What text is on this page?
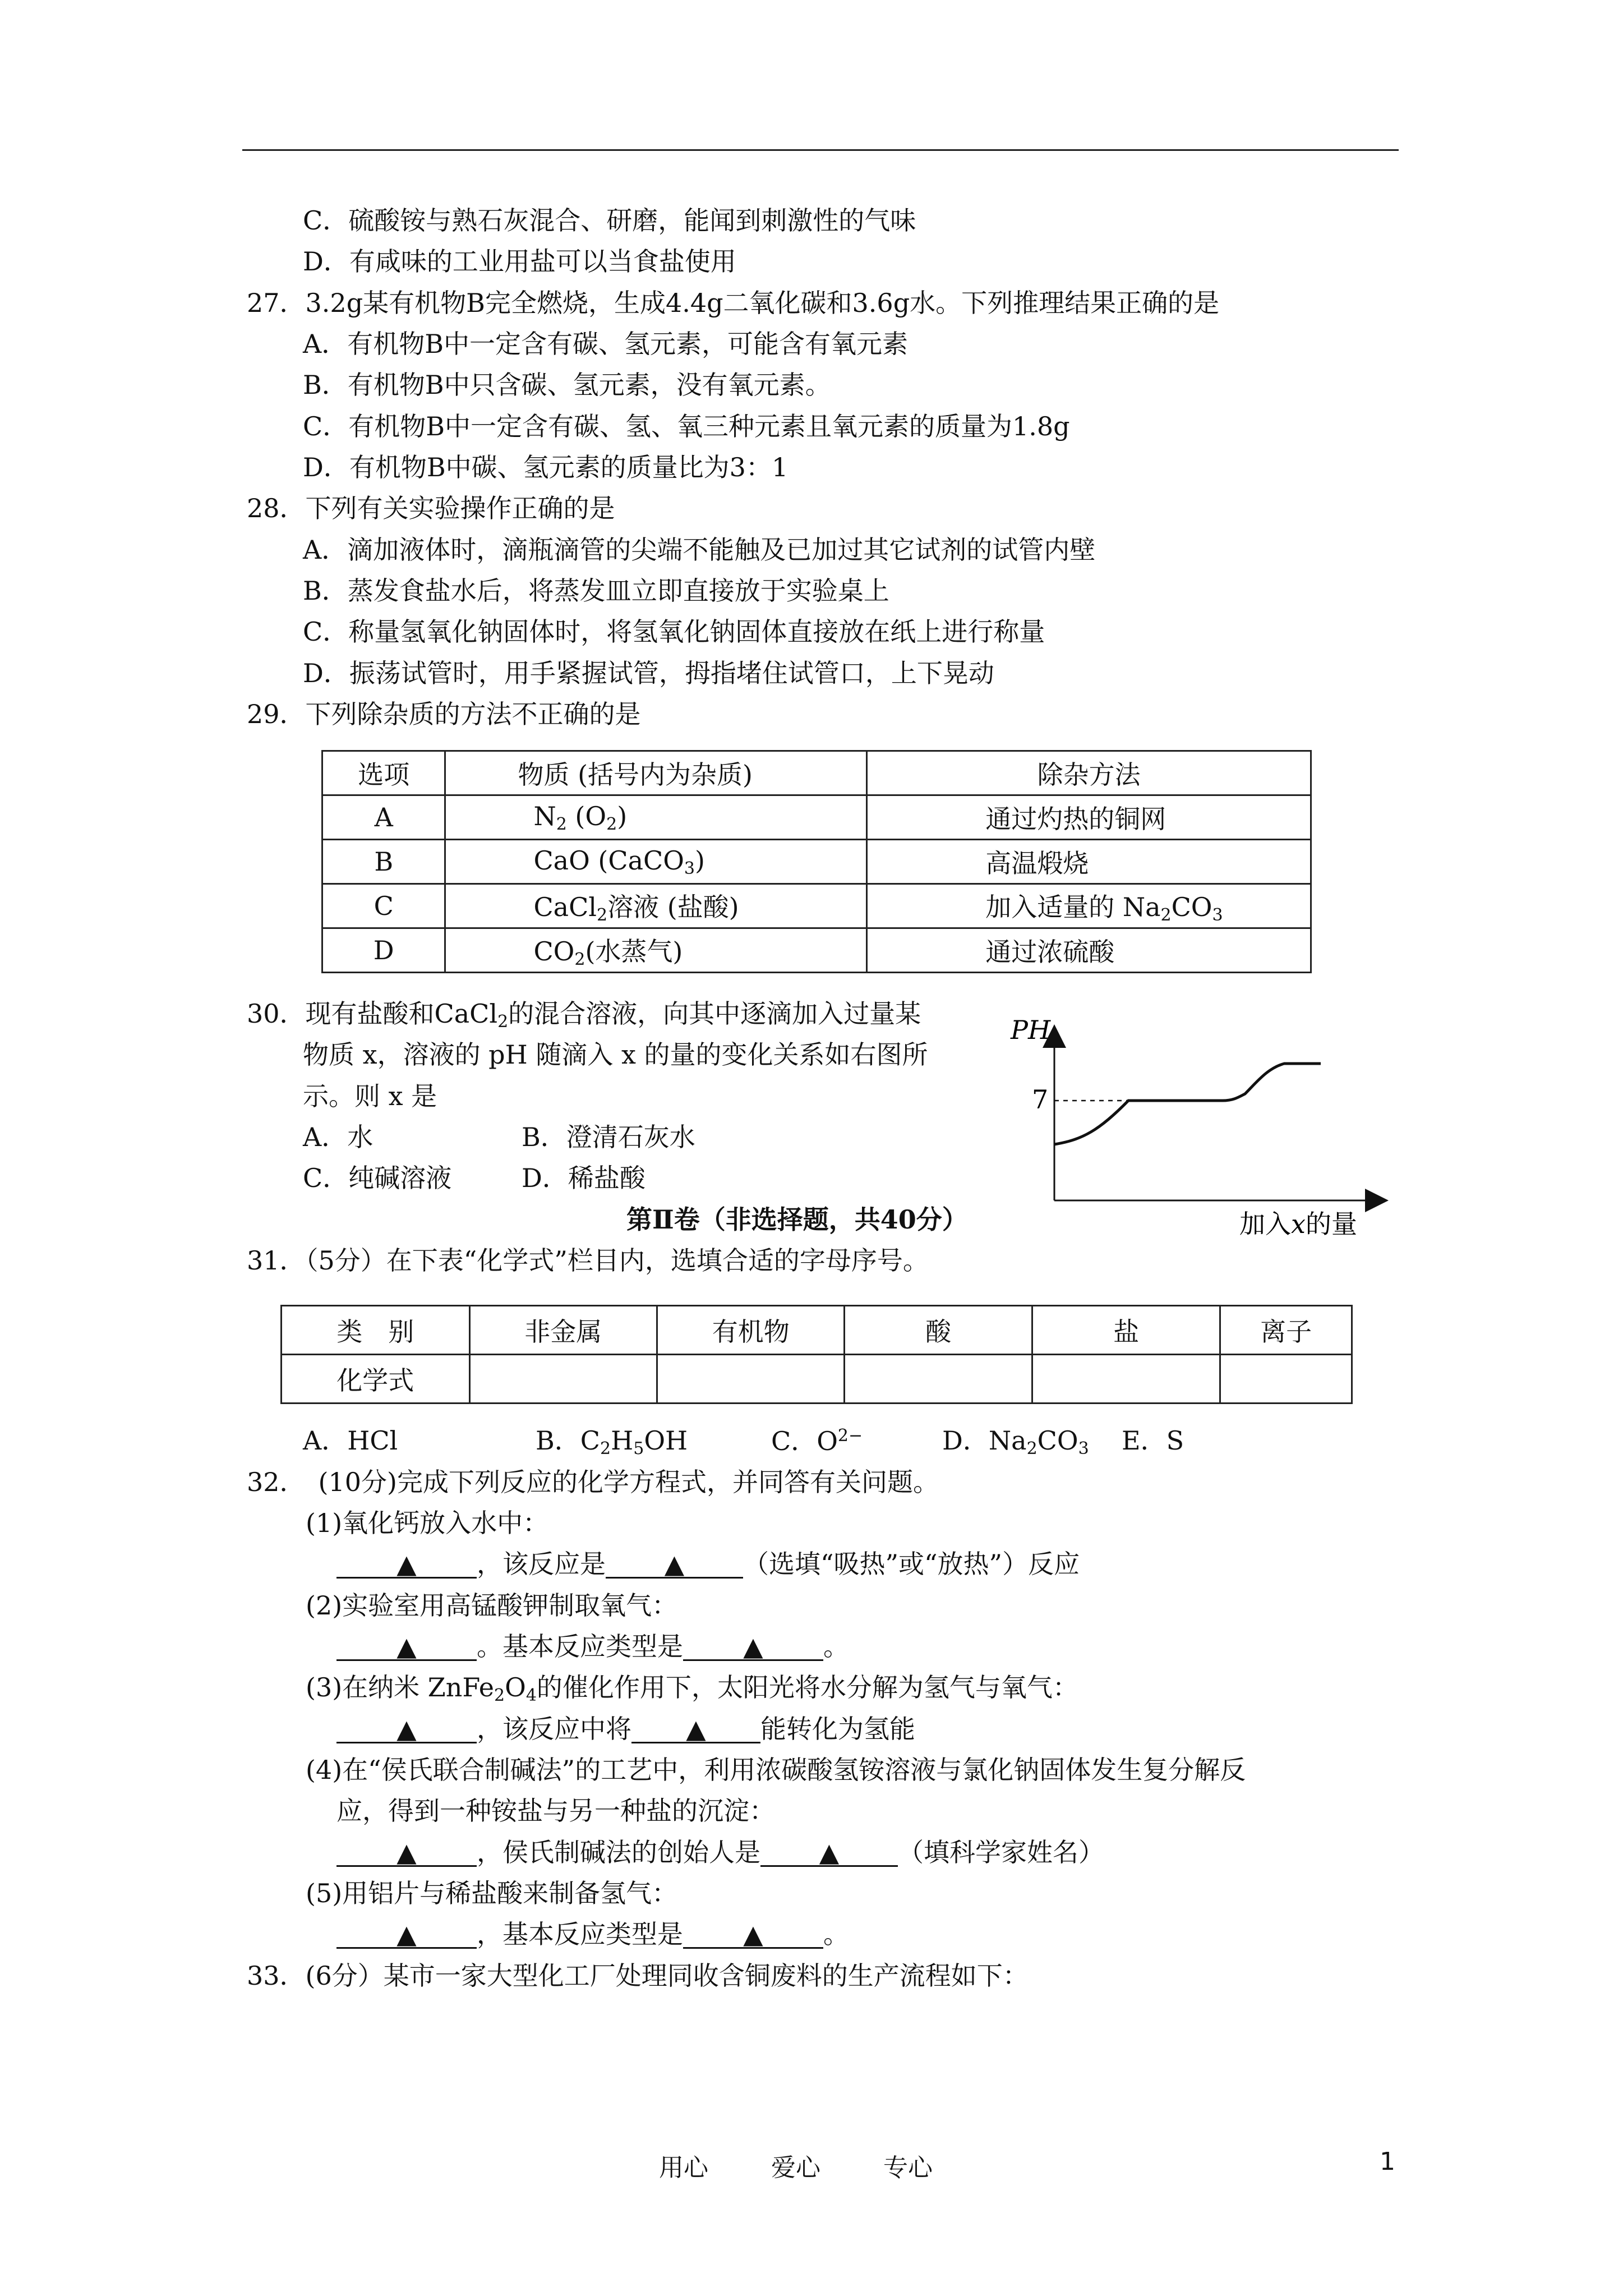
C．硫酸铵与熟石灰混合、研磨，能闻到刺激性的气味
D．有咸味的工业用盐可以当食盐使用
27．3.2g某有机物B完全燃烧，生成4.4g二氧化碳和3.6g水。下列推理结果正确的是
A．有机物B中一定含有碳、氢元素，可能含有氧元素
B．有机物B中只含碳、氢元素，没有氧元素。
C．有机物B中一定含有碳、氢、氧三种元素且氧元素的质量为1.8g
D．有机物B中碳、氢元素的质量比为3：1
28．下列有关实验操作正确的是
A．滴加液体时，滴瓶滴管的尖端不能触及已加过其它试剂的试管内壁
B．蒸发食盐水后，将蒸发皿立即直接放于实验桌上
C．称量氢氧化钠固体时，将氢氧化钠固体直接放在纸上进行称量
D．振荡试管时，用手紧握试管，拇指堵住试管口，上下晃动
29．下列除杂质的方法不正确的是
选项	物质 (括号内为杂质)	除杂方法
A	$N_2$ $(O_2)$	通过灼热的铜网
B	CaO (CaCO$_3$)	高温煅烧
C	CaCl$_2$溶液 (盐酸)	加入适量的 $Na_2CO_3$
D	$CO_2$(水蒸气)	通过浓硫酸
30．现有盐酸和CaCl$_2$的混合溶液，向其中逐滴加入过量某
物质 x，溶液的 pH 随滴入 x 的量的变化关系如右图所
示。则 x 是
A．水	B．澄清石灰水
C．纯碱溶液	D．稀盐酸
PH
7
加入x的量
第Ⅱ卷（非选择题，共40分）
31．（5分）在下表“化学式”栏目内，选填合适的字母序号。
类　别	非金属	有机物	酸	盐	离子
化学式					
A．HCl	B．$C_2H_5OH$	C．$O^{2-}$	D．$Na_2CO_3$ E．S
32．　(10分)完成下列反应的化学方程式，并同答有关问题。
(1)氧化钙放入水中：
▲ ，该反应是 ▲ （选填“吸热”或“放热”）反应
(2)实验室用高锰酸钾制取氧气：
▲ 。基本反应类型是 ▲ 。
(3)在纳米 $ZnFe_2O_4$的催化作用下，太阳光将水分解为氢气与氧气：
▲ ，该反应中将 ▲ 能转化为氢能
(4)在“侯氏联合制碱法”的工艺中，利用浓碳酸氢铵溶液与氯化钠固体发生复分解反
应，得到一种铵盐与另一种盐的沉淀：
▲ ，侯氏制碱法的创始人是 ▲ （填科学家姓名）
(5)用铝片与稀盐酸来制备氢气：
▲ ，基本反应类型是 ▲ 。
33．(6分）某市一家大型化工厂处理同收含铜废料的生产流程如下：
用心	爱心	专心	1
